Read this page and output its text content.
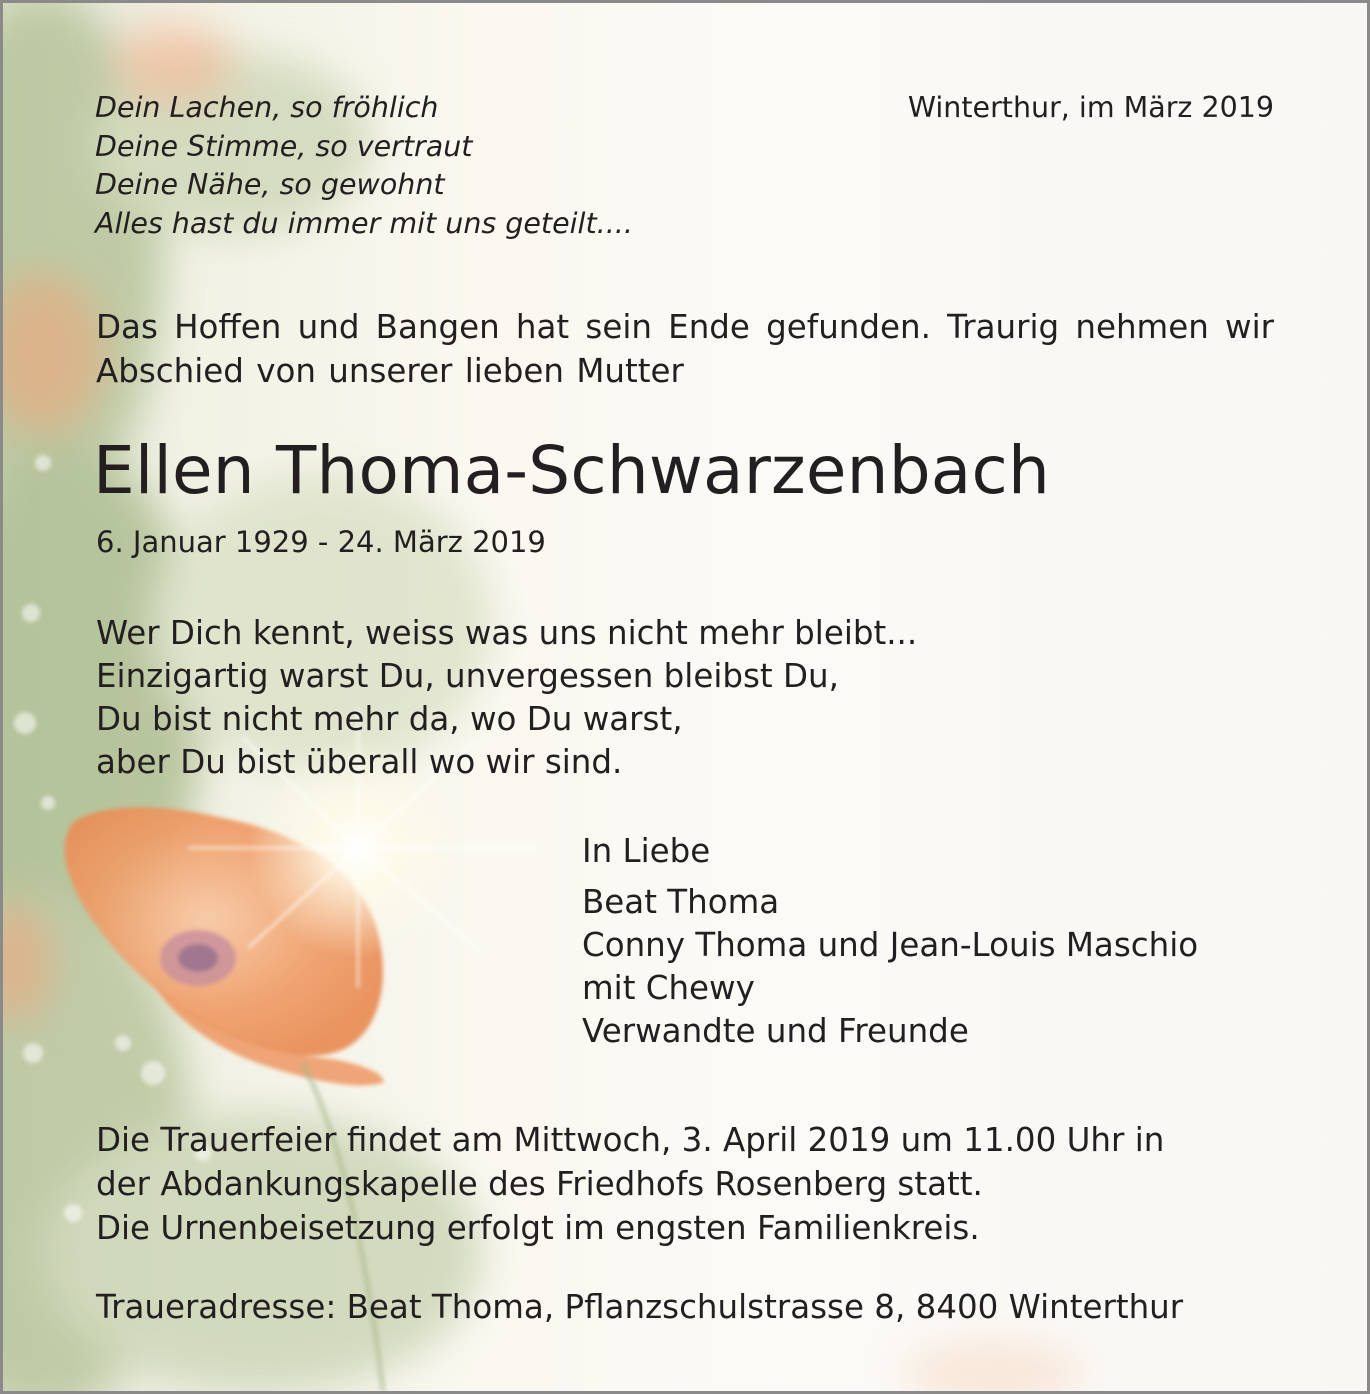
Dein Lachen, so fröhlich
Deine Stimme, so vertraut
Deine Nähe, so gewohnt
Alles hast du immer mit uns geteilt....
Winterthur, im März 2019
Das Hoffen und Bangen hat sein Ende gefunden. Traurig nehmen wir Abschied von unserer lieben Mutter
Ellen Thoma-Schwarzenbach
6. Januar 1929 - 24. März 2019
Wer Dich kennt, weiss was uns nicht mehr bleibt...
Einzigartig warst Du, unvergessen bleibst Du,
Du bist nicht mehr da, wo Du warst,
aber Du bist überall wo wir sind.
In Liebe
Beat Thoma
Conny Thoma und Jean-Louis Maschio
mit Chewy
Verwandte und Freunde
Die Trauerfeier findet am Mittwoch, 3. April 2019 um 11.00 Uhr in
der Abdankungskapelle des Friedhofs Rosenberg statt.
Die Urnenbeisetzung erfolgt im engsten Familienkreis.
Traueradresse: Beat Thoma, Pflanzschulstrasse 8, 8400 Winterthur
